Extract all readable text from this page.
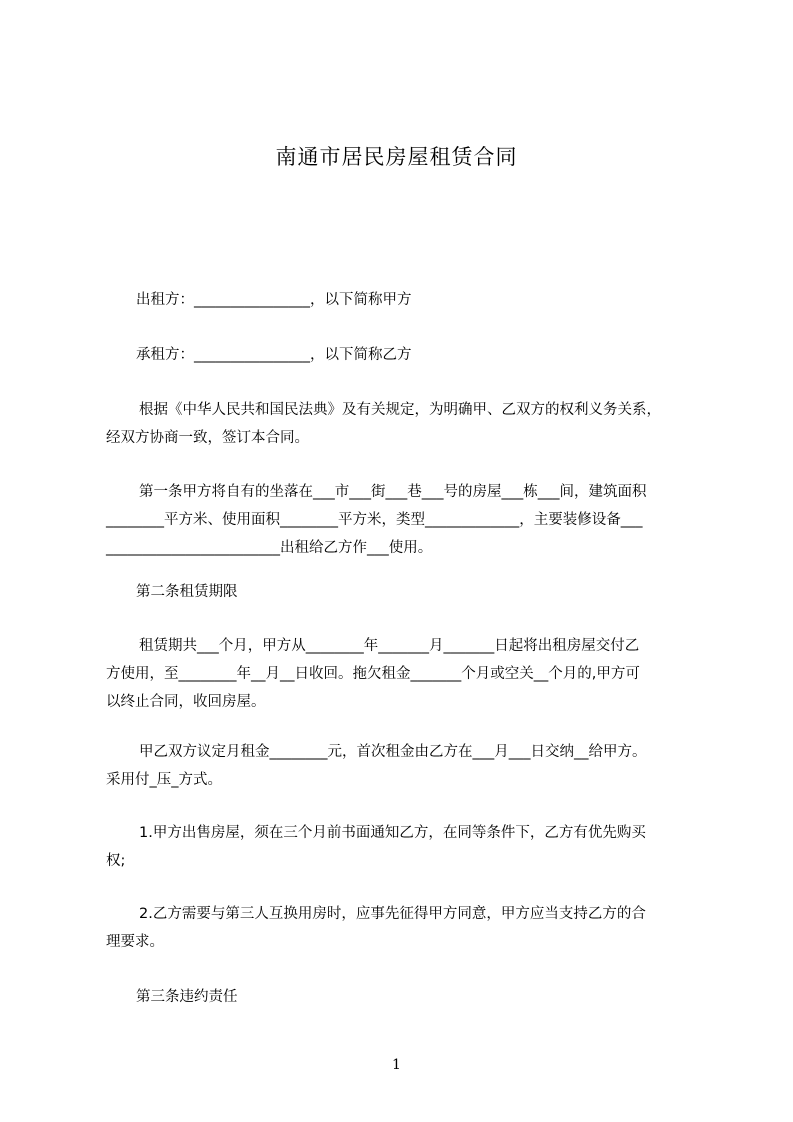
南通市居民房屋租赁合同
出租方：________________，以下简称甲方
承租方：________________，以下简称乙方
根据《中华人民共和国民法典》及有关规定，为明确甲、乙双方的权利义务关系，
经双方协商一致，签订本合同。
第一条甲方将自有的坐落在___市___街___巷___号的房屋___栋___间，建筑面积
________平方米、使用面积________平方米，类型_____________，主要装修设备___
________________________出租给乙方作___使用。
第二条租赁期限
租赁期共___个月，甲方从________年_______月_______日起将出租房屋交付乙
方使用，至________年__月__日收回。拖欠租金_______个月或空关__个月的,甲方可
以终止合同，收回房屋。
甲乙双方议定月租金________元，首次租金由乙方在___月___日交纳__给甲方。
采用付_压_方式。
1.甲方出售房屋，须在三个月前书面通知乙方，在同等条件下，乙方有优先购买
权;
2.乙方需要与第三人互换用房时，应事先征得甲方同意，甲方应当支持乙方的合
理要求。
第三条违约责任
1
